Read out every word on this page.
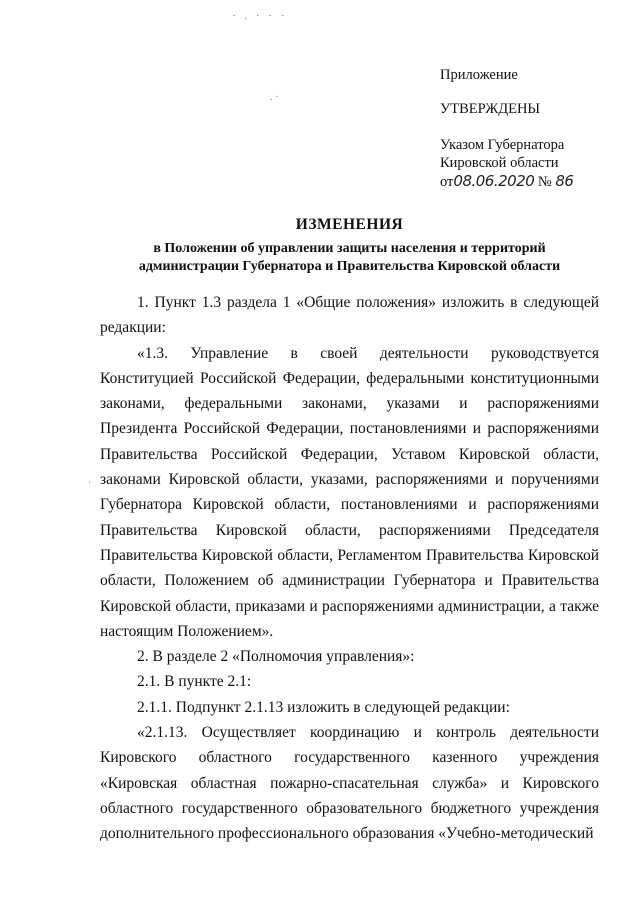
· . · · ·
. ·
·
Приложение
УТВЕРЖДЕНЫ
Указом Губернатора
Кировской области
от08.06.2020 № 86
ИЗМЕНЕНИЯ
в Положении об управлении защиты населения и территорий
администрации Губернатора и Правительства Кировской области

1. Пункт 1.3 раздела 1 «Общие положения» изложить в следующей редакции:

«1.3. Управление в своей деятельности руководствуется Конституцией Российской Федерации, федеральными конституционными законами, федеральными законами, указами и распоряжениями Президента Российской Федерации, постановлениями и распоряжениями Правительства Российской Федерации, Уставом Кировской области, законами Кировской области, указами, распоряжениями и поручениями Губернатора Кировской области, постановлениями и распоряжениями Правительства Кировской области, распоряжениями Председателя Правительства Кировской области, Регламентом Правительства Кировской области, Положением об администрации Губернатора и Правительства Кировской области, приказами и распоряжениями администрации, а также настоящим Положением».

2. В разделе 2 «Полномочия управления»:

2.1. В пункте 2.1:

2.1.1. Подпункт 2.1.13 изложить в следующей редакции:

«2.1.13. Осуществляет координацию и контроль деятельности Кировского областного государственного казенного учреждения «Кировская областная пожарно-спасательная служба» и Кировского областного государственного образовательного бюджетного учреждения дополнительного профессионального образования «Учебно-методический
